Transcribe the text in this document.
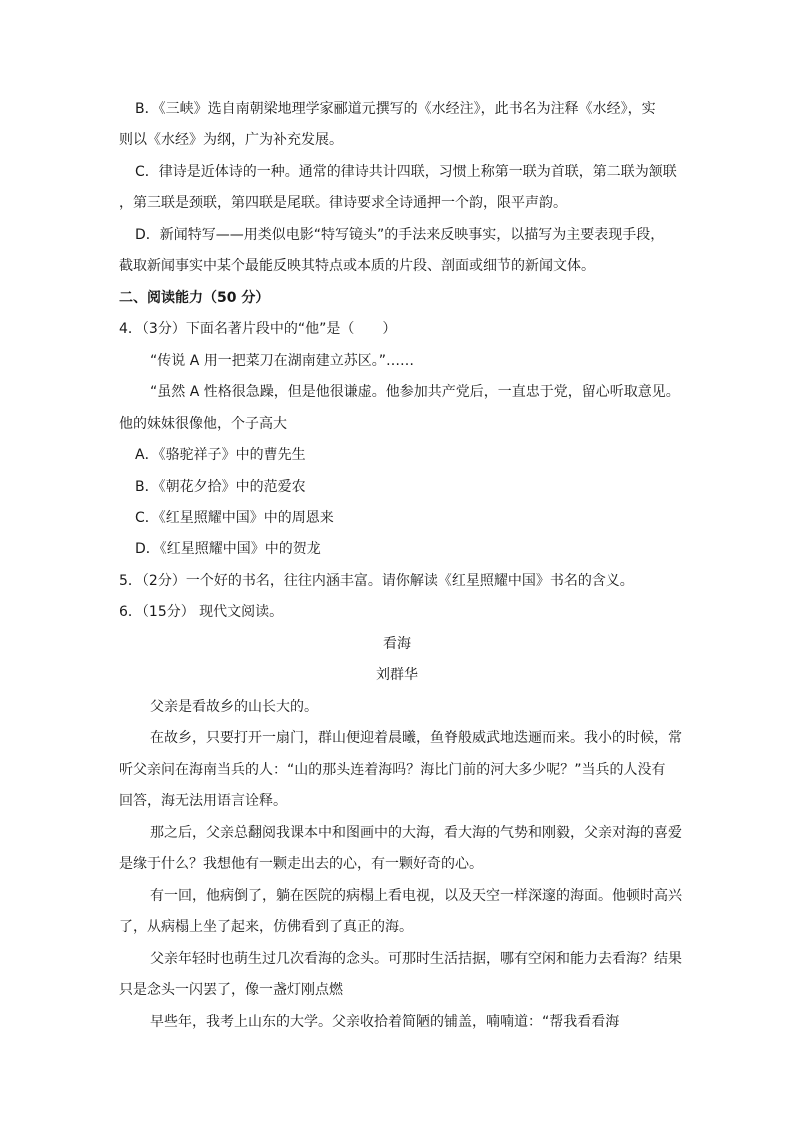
B．《三峡》选自南朝梁地理学家郦道元撰写的《水经注》，此书名为注释《水经》，实
则以《水经》为纲，广为补充发展。
C．律诗是近体诗的一种。通常的律诗共计四联，习惯上称第一联为首联，第二联为颔联
，第三联是颈联，第四联是尾联。律诗要求全诗通押一个韵，限平声韵。
D．新闻特写——用类似电影“特写镜头”的手法来反映事实，以描写为主要表现手段，
截取新闻事实中某个最能反映其特点或本质的片段、剖面或细节的新闻文体。
二、阅读能力（50 分）
4．（3分）下面名著片段中的“他”是（　　）
“传说 A 用一把菜刀在湖南建立苏区。”……
“虽然 A 性格很急躁，但是他很谦虚。他参加共产党后，一直忠于党，留心听取意见。
他的妹妹很像他，个子高大
A．《骆驼祥子》中的曹先生
B．《朝花夕拾》中的范爱农
C．《红星照耀中国》中的周恩来
D．《红星照耀中国》中的贺龙
5．（2分）一个好的书名，往往内涵丰富。请你解读《红星照耀中国》书名的含义。
6．（15分） 现代文阅读。
看海
刘群华
父亲是看故乡的山长大的。
在故乡，只要打开一扇门，群山便迎着晨曦，鱼脊般威武地迭逦而来。我小的时候，常
听父亲问在海南当兵的人：“山的那头连着海吗？海比门前的河大多少呢？”当兵的人没有
回答，海无法用语言诠释。
那之后，父亲总翻阅我课本中和图画中的大海，看大海的气势和刚毅，父亲对海的喜爱
是缘于什么？我想他有一颗走出去的心，有一颗好奇的心。
有一回，他病倒了，躺在医院的病榻上看电视，以及天空一样深邃的海面。他顿时高兴
了，从病榻上坐了起来，仿佛看到了真正的海。
父亲年轻时也萌生过几次看海的念头。可那时生活拮据，哪有空闲和能力去看海？结果
只是念头一闪罢了，像一盏灯刚点燃
早些年，我考上山东的大学。父亲收拾着简陋的铺盖，喃喃道：“帮我看看海
